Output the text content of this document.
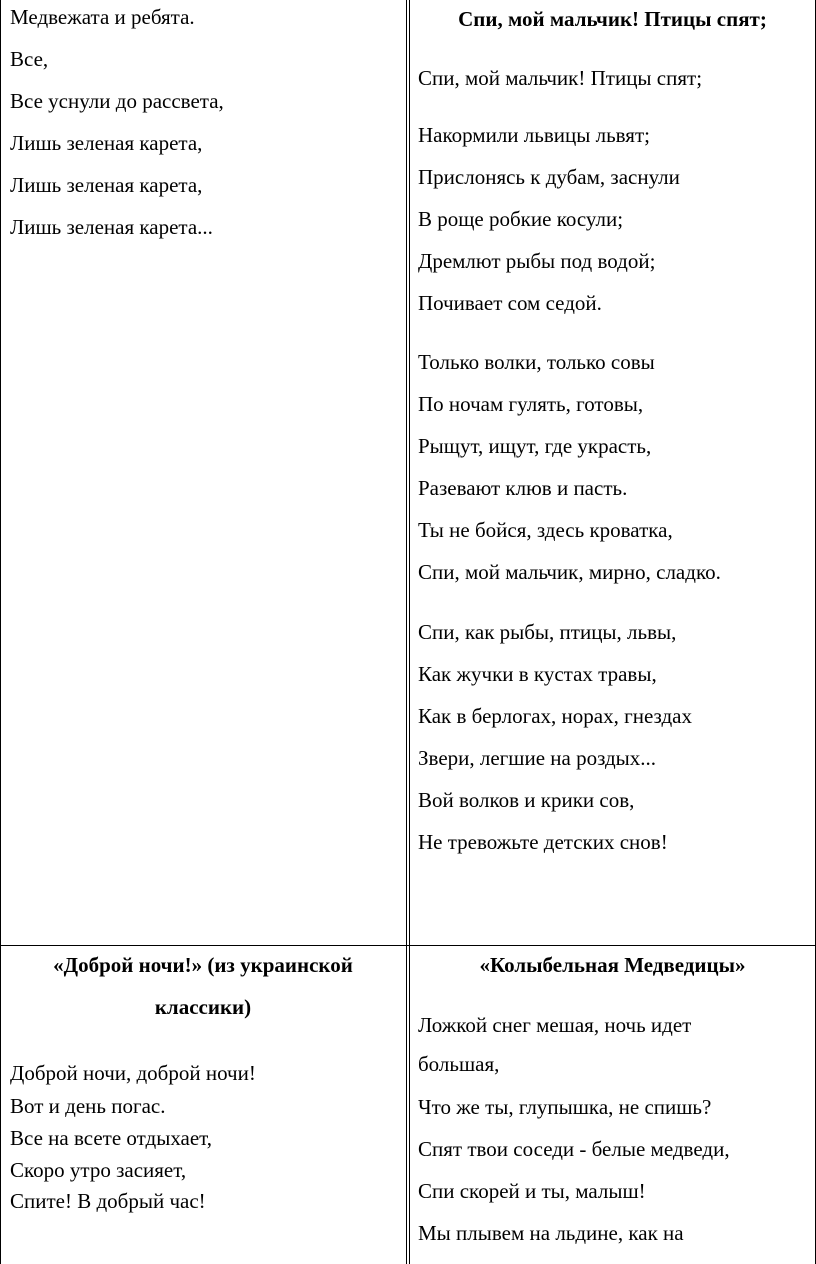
Медвежата и ребята.
Все,
Все уснули до рассвета,
Лишь зеленая карета,
Лишь зеленая карета,
Лишь зеленая карета...
Спи, мой мальчик! Птицы спят;
Спи, мой мальчик! Птицы спят;
Накормили львицы львят;
Прислонясь к дубам, заснули
В роще робкие косули;
Дремлют рыбы под водой;
Почивает сом седой.
Только волки, только совы
По ночам гулять, готовы,
Рыщут, ищут, где украсть,
Разевают клюв и пасть.
Ты не бойся, здесь кроватка,
Спи, мой мальчик, мирно, сладко.
Спи, как рыбы, птицы, львы,
Как жучки в кустах травы,
Как в берлогах, норах, гнездах
Звери, легшие на роздых...
Вой волков и крики сов,
Не тревожьте детских снов!
«Доброй ночи!» (из украинской
классики)
Доброй ночи, доброй ночи!
Вот и день погас.
Все на всете отдыхает,
Скоро утро засияет,
Спите! В добрый час!
«Колыбельная Медведицы»
Ложкой снег мешая, ночь идет
большая,
Что же ты, глупышка, не спишь?
Спят твои соседи - белые медведи,
Спи скорей и ты, малыш!
Мы плывем на льдине, как на
